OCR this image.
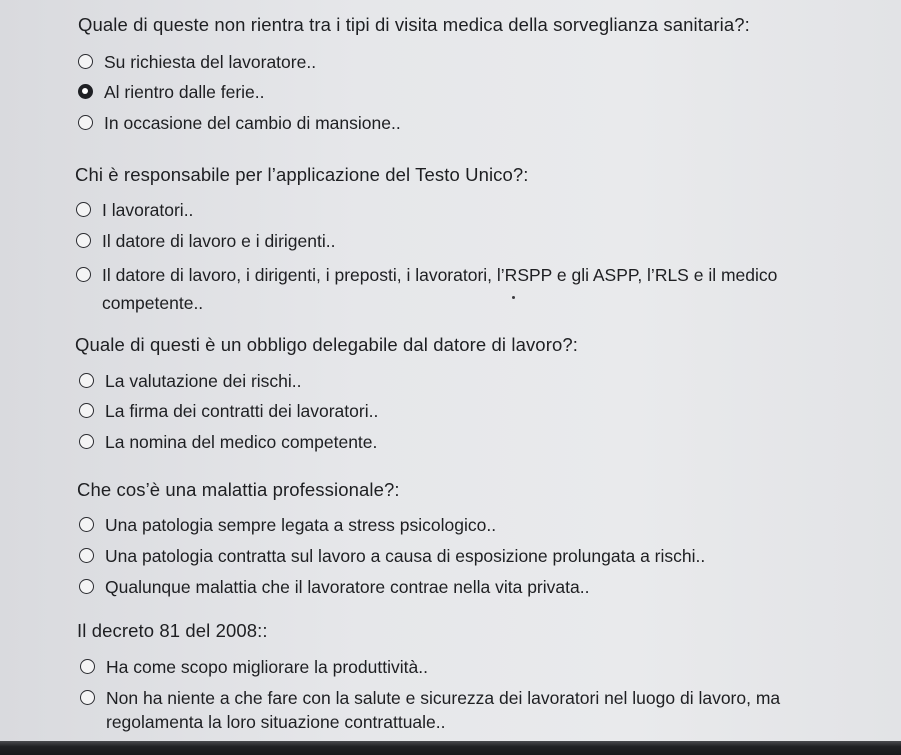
Quale di queste non rientra tra i tipi di visita medica della sorveglianza sanitaria?:
Su richiesta del lavoratore..
Al rientro dalle ferie..
In occasione del cambio di mansione..
Chi è responsabile per l’applicazione del Testo Unico?:
I lavoratori..
Il datore di lavoro e i dirigenti..
Il datore di lavoro, i dirigenti, i preposti, i lavoratori, l’RSPP e gli ASPP, l’RLS e il medico competente..
Quale di questi è un obbligo delegabile dal datore di lavoro?:
La valutazione dei rischi..
La firma dei contratti dei lavoratori..
La nomina del medico competente.
Che cos’è una malattia professionale?:
Una patologia sempre legata a stress psicologico..
Una patologia contratta sul lavoro a causa di esposizione prolungata a rischi..
Qualunque malattia che il lavoratore contrae nella vita privata..
Il decreto 81 del 2008::
Ha come scopo migliorare la produttività..
Non ha niente a che fare con la salute e sicurezza dei lavoratori nel luogo di lavoro, ma regolamenta la loro situazione contrattuale..
